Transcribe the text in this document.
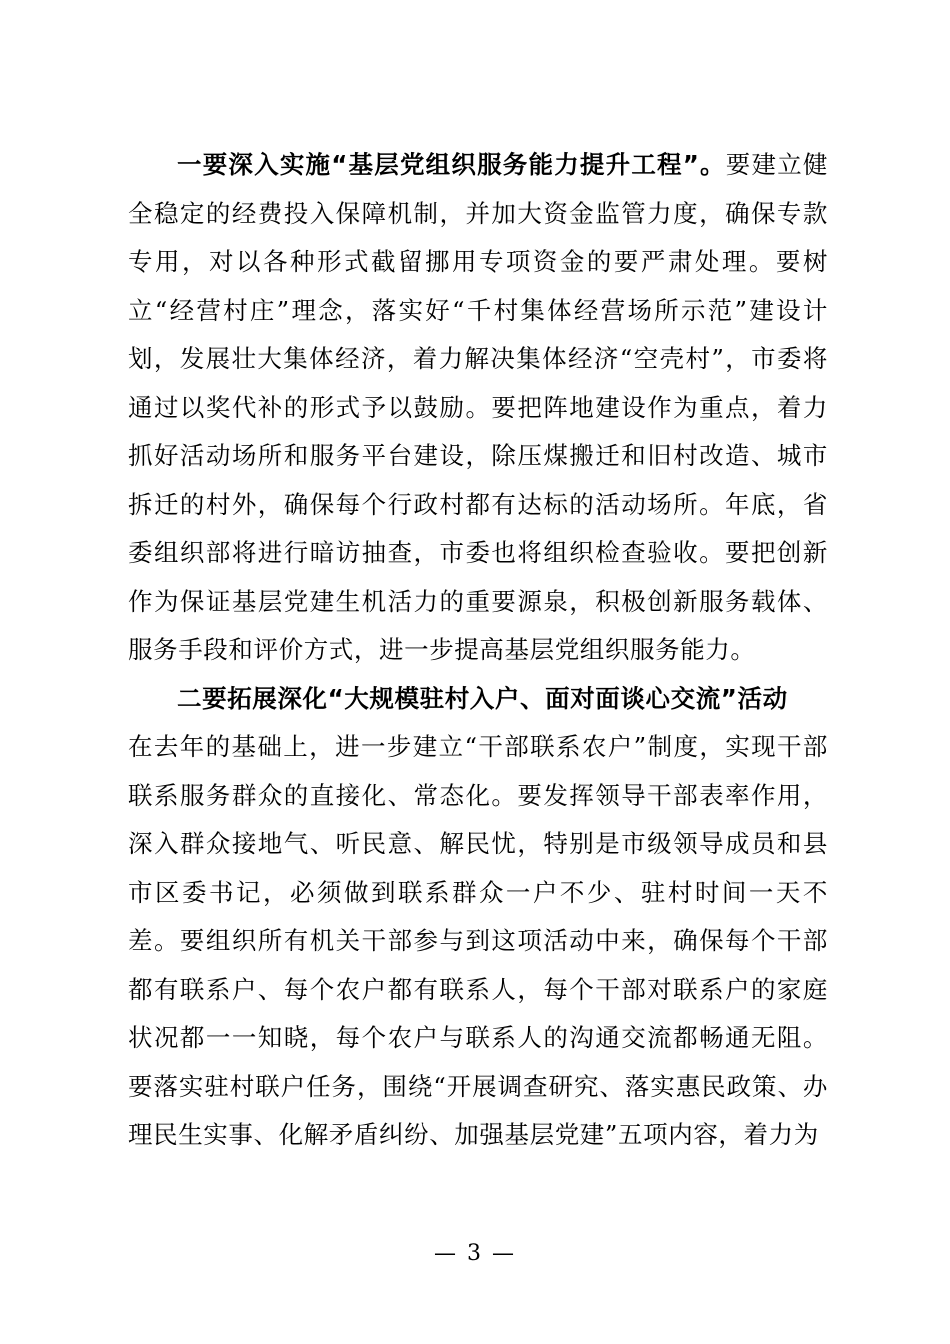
一要深入实施“基层党组织服务能力提升工程”。要建立健全稳定的经费投入保障机制，并加大资金监管力度，确保专款专用，对以各种形式截留挪用专项资金的要严肃处理。要树立“经营村庄”理念，落实好“千村集体经营场所示范”建设计划，发展壮大集体经济，着力解决集体经济“空壳村”，市委将通过以奖代补的形式予以鼓励。要把阵地建设作为重点，着力抓好活动场所和服务平台建设，除压煤搬迁和旧村改造、城市拆迁的村外，确保每个行政村都有达标的活动场所。年底，省委组织部将进行暗访抽查，市委也将组织检查验收。要把创新作为保证基层党建生机活力的重要源泉，积极创新服务载体、服务手段和评价方式，进一步提高基层党组织服务能力。

二要拓展深化“大规模驻村入户、面对面谈心交流”活动
在去年的基础上，进一步建立“干部联系农户”制度，实现干部联系服务群众的直接化、常态化。要发挥领导干部表率作用，深入群众接地气、听民意、解民忧，特别是市级领导成员和县市区委书记，必须做到联系群众一户不少、驻村时间一天不差。要组织所有机关干部参与到这项活动中来，确保每个干部都有联系户、每个农户都有联系人，每个干部对联系户的家庭状况都一一知晓，每个农户与联系人的沟通交流都畅通无阻。要落实驻村联户任务，围绕“开展调查研究、落实惠民政策、办理民生实事、化解矛盾纠纷、加强基层党建”五项内容，着力为

— 3 —
